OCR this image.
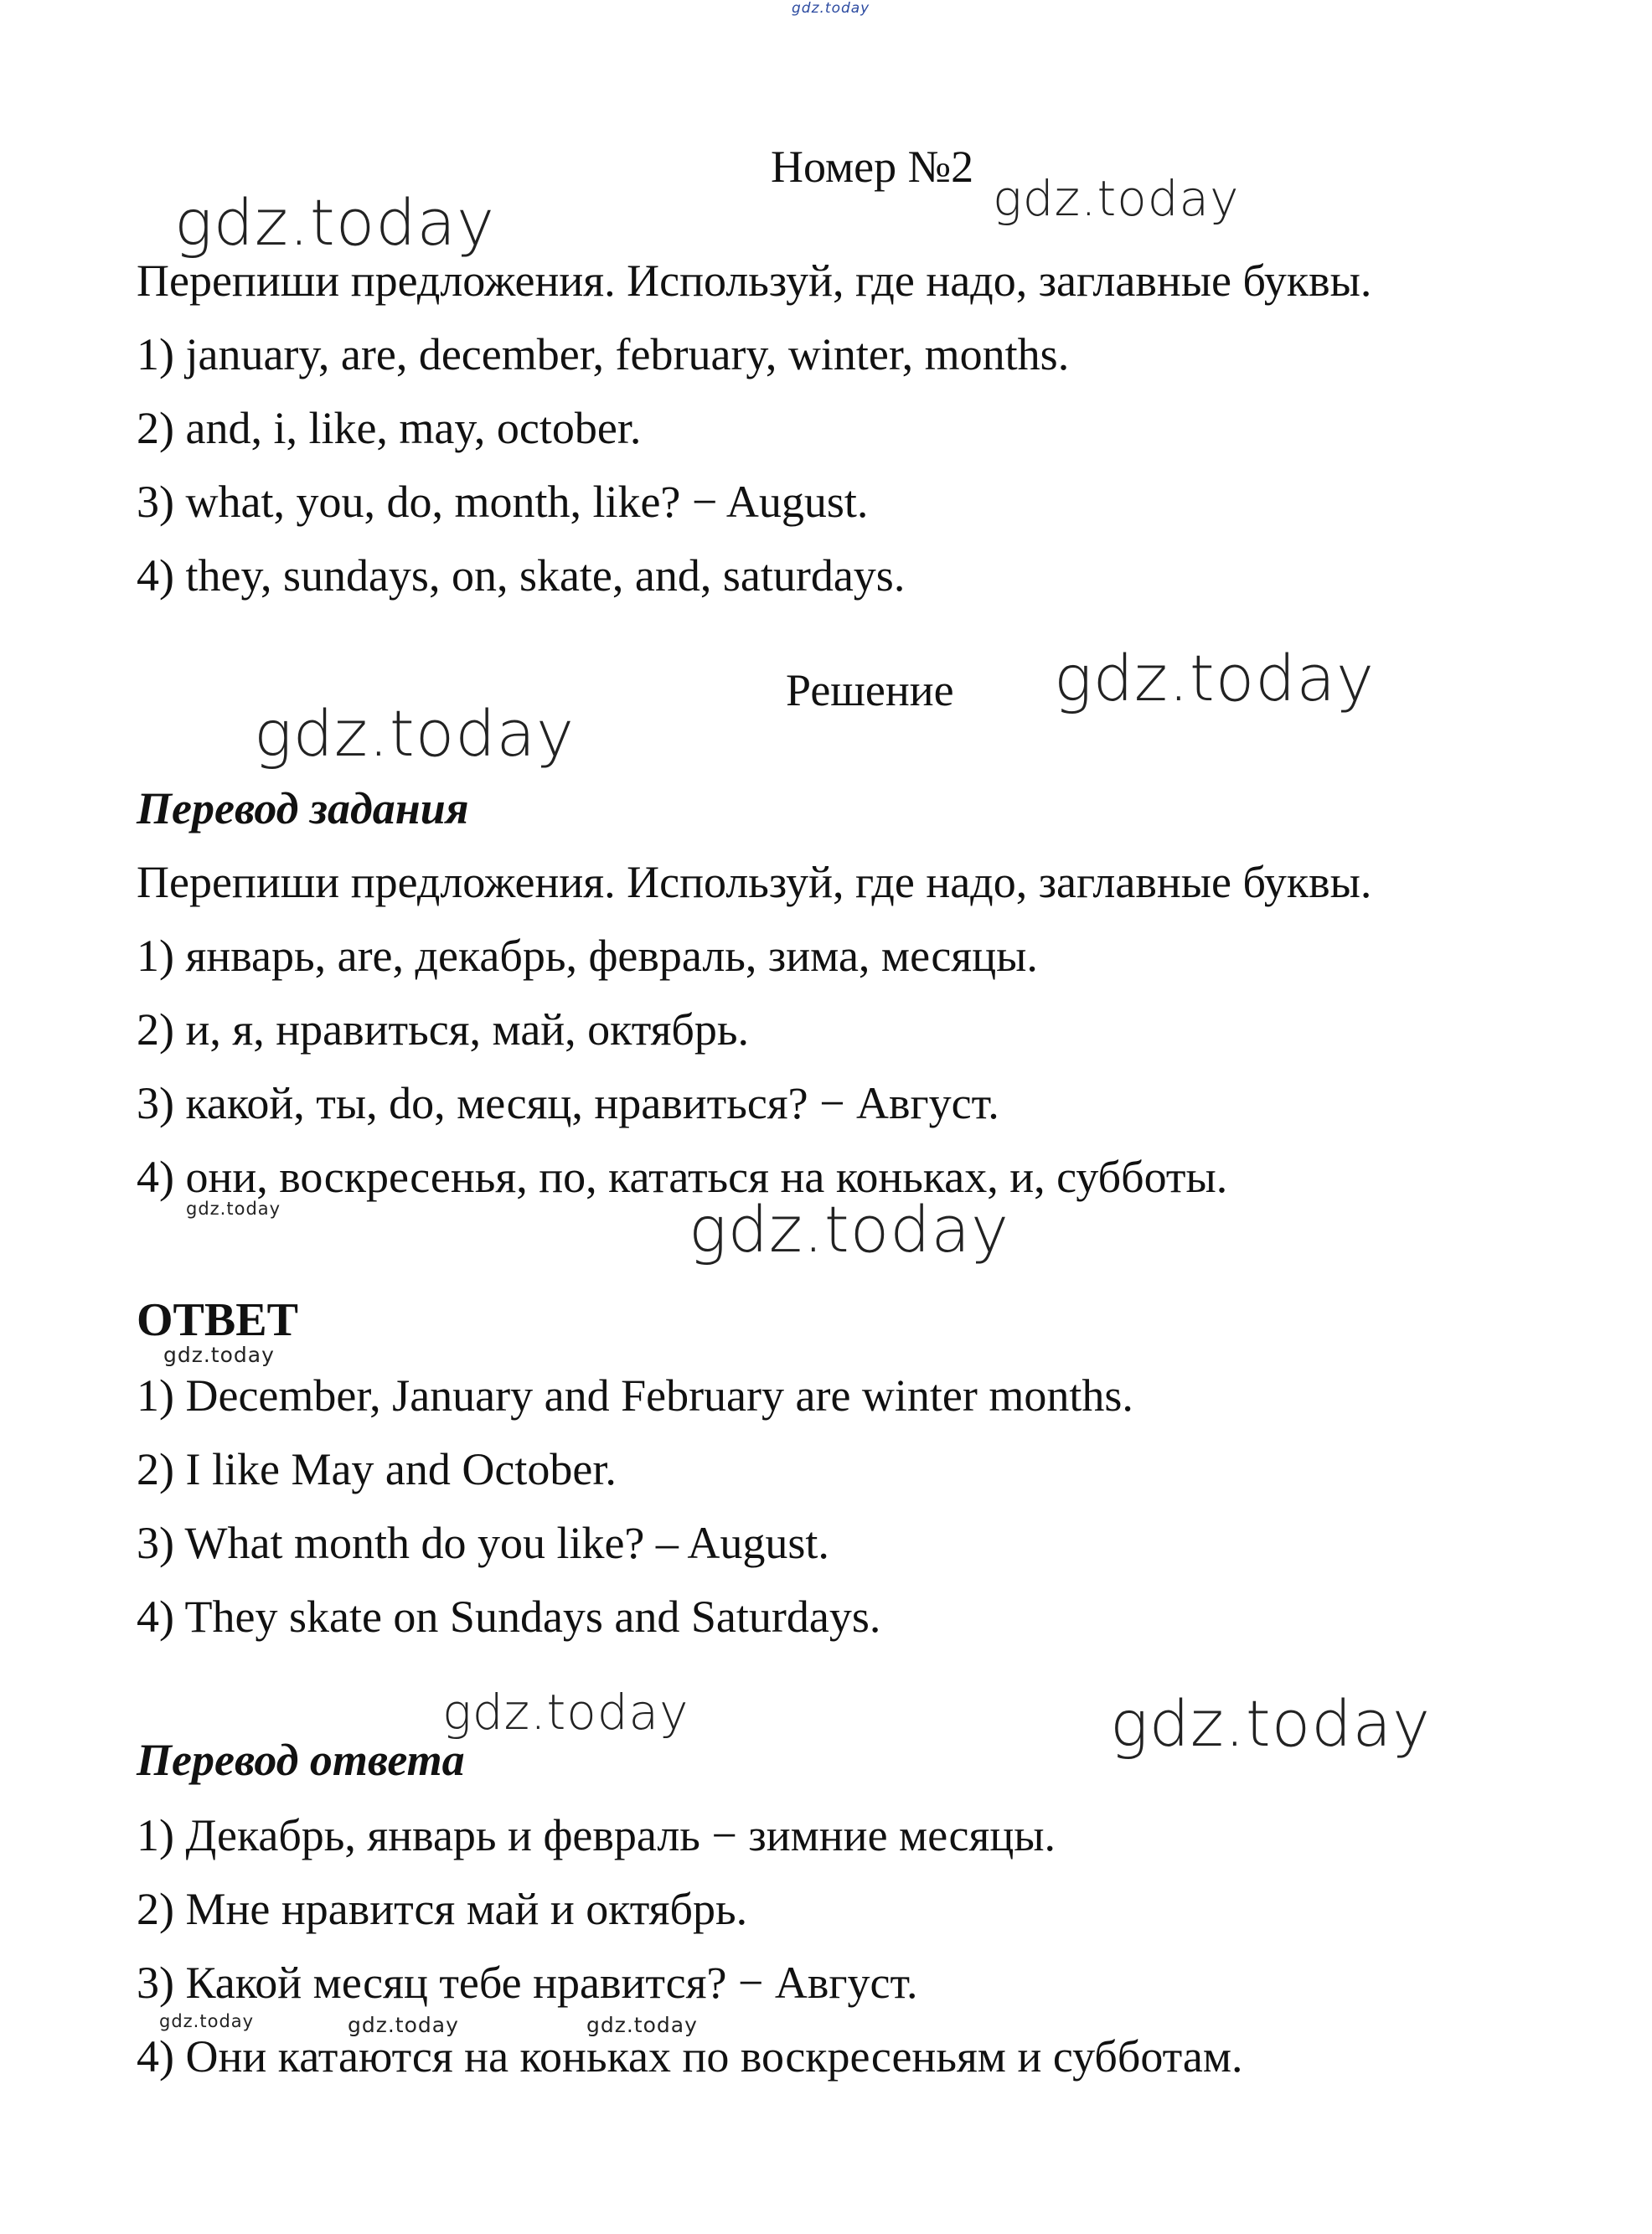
gdz.today
gdz.today	gdz.today
gdz.today
gdz.today
gdz.today	gdz.today
gdz.today
gdz.today	gdz.today
gdz.today	gdz.today	gdz.today
Номер №2
Перепиши предложения. Используй, где надо, заглавные буквы.
1) january, are, december, february, winter, months.
2) and, i, like, may, october.
3) what, you, do, month, like? − August.
4) they, sundays, on, skate, and, saturdays.
Решение
Перевод задания
Перепиши предложения. Используй, где надо, заглавные буквы.
1) январь, are, декабрь, февраль, зима, месяцы.
2) и, я, нравиться, май, октябрь.
3) какой, ты, do, месяц, нравиться? − Август.
4) они, воскресенья, по, кататься на коньках, и, субботы.
ОТВЕТ
1) December, January and February are winter months.
2) I like May and October.
3) What month do you like? – August.
4) They skate on Sundays and Saturdays.
Перевод ответа
1) Декабрь, январь и февраль − зимние месяцы.
2) Мне нравится май и октябрь.
3) Какой месяц тебе нравится? − Август.
4) Они катаются на коньках по воскресеньям и субботам.
